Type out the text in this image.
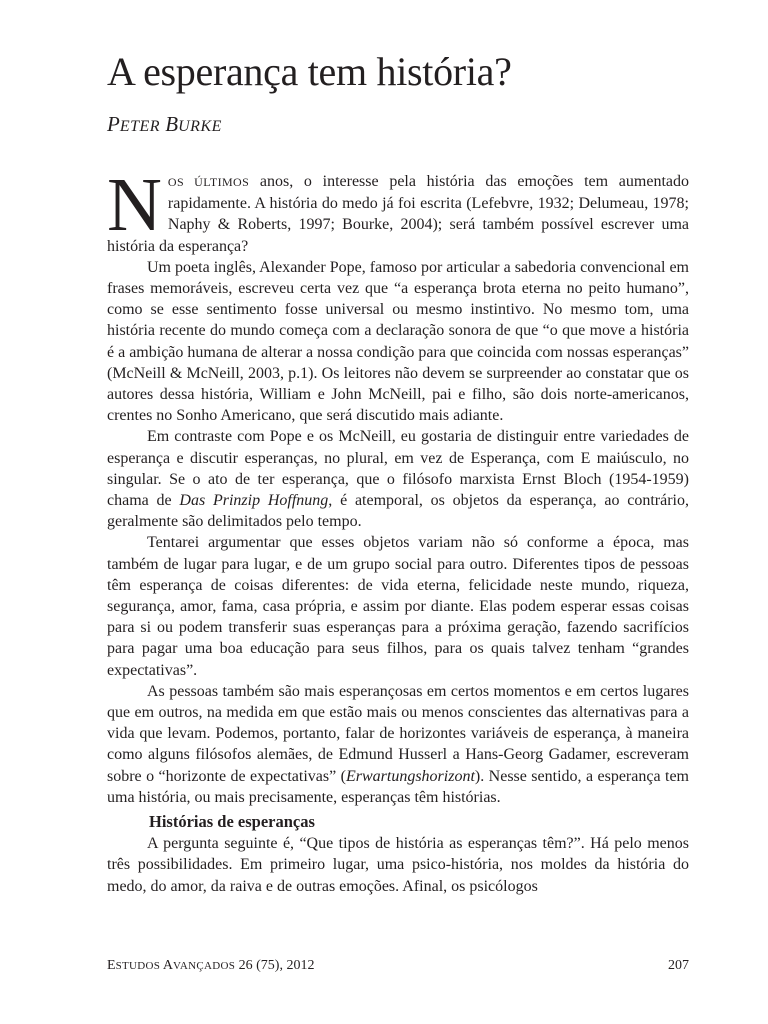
A esperança tem história?

PETER BURKE

NOS ÚLTIMOS anos, o interesse pela história das emoções tem aumentado rapidamente. A história do medo já foi escrita (Lefebvre, 1932; Delumeau, 1978; Naphy & Roberts, 1997; Bourke, 2004); será também possível escrever uma história da esperança?

Um poeta inglês, Alexander Pope, famoso por articular a sabedoria convencional em frases memoráveis, escreveu certa vez que “a esperança brota eterna no peito humano”, como se esse sentimento fosse universal ou mesmo instintivo. No mesmo tom, uma história recente do mundo começa com a declaração sonora de que “o que move a história é a ambição humana de alterar a nossa condição para que coincida com nossas esperanças” (McNeill & McNeill, 2003, p.1). Os leitores não devem se surpreender ao constatar que os autores dessa história, William e John McNeill, pai e filho, são dois norte-americanos, crentes no Sonho Americano, que será discutido mais adiante.

Em contraste com Pope e os McNeill, eu gostaria de distinguir entre variedades de esperança e discutir esperanças, no plural, em vez de Esperança, com E maiúsculo, no singular. Se o ato de ter esperança, que o filósofo marxista Ernst Bloch (1954-1959) chama de Das Prinzip Hoffnung, é atemporal, os objetos da esperança, ao contrário, geralmente são delimitados pelo tempo.

Tentarei argumentar que esses objetos variam não só conforme a época, mas também de lugar para lugar, e de um grupo social para outro. Diferentes tipos de pessoas têm esperança de coisas diferentes: de vida eterna, felicidade neste mundo, riqueza, segurança, amor, fama, casa própria, e assim por diante. Elas podem esperar essas coisas para si ou podem transferir suas esperanças para a próxima geração, fazendo sacrifícios para pagar uma boa educação para seus filhos, para os quais talvez tenham “grandes expectativas”.

As pessoas também são mais esperançosas em certos momentos e em certos lugares que em outros, na medida em que estão mais ou menos conscientes das alternativas para a vida que levam. Podemos, portanto, falar de horizontes variáveis de esperança, à maneira como alguns filósofos alemães, de Edmund Husserl a Hans-Georg Gadamer, escreveram sobre o “horizonte de expectativas” (Erwartungshorizont). Nesse sentido, a esperança tem uma história, ou mais precisamente, esperanças têm histórias.

Histórias de esperanças

A pergunta seguinte é, “Que tipos de história as esperanças têm?”. Há pelo menos três possibilidades. Em primeiro lugar, uma psico-história, nos moldes da história do medo, do amor, da raiva e de outras emoções. Afinal, os psicólogos

ESTUDOS AVANÇADOS 26 (75), 2012	207
